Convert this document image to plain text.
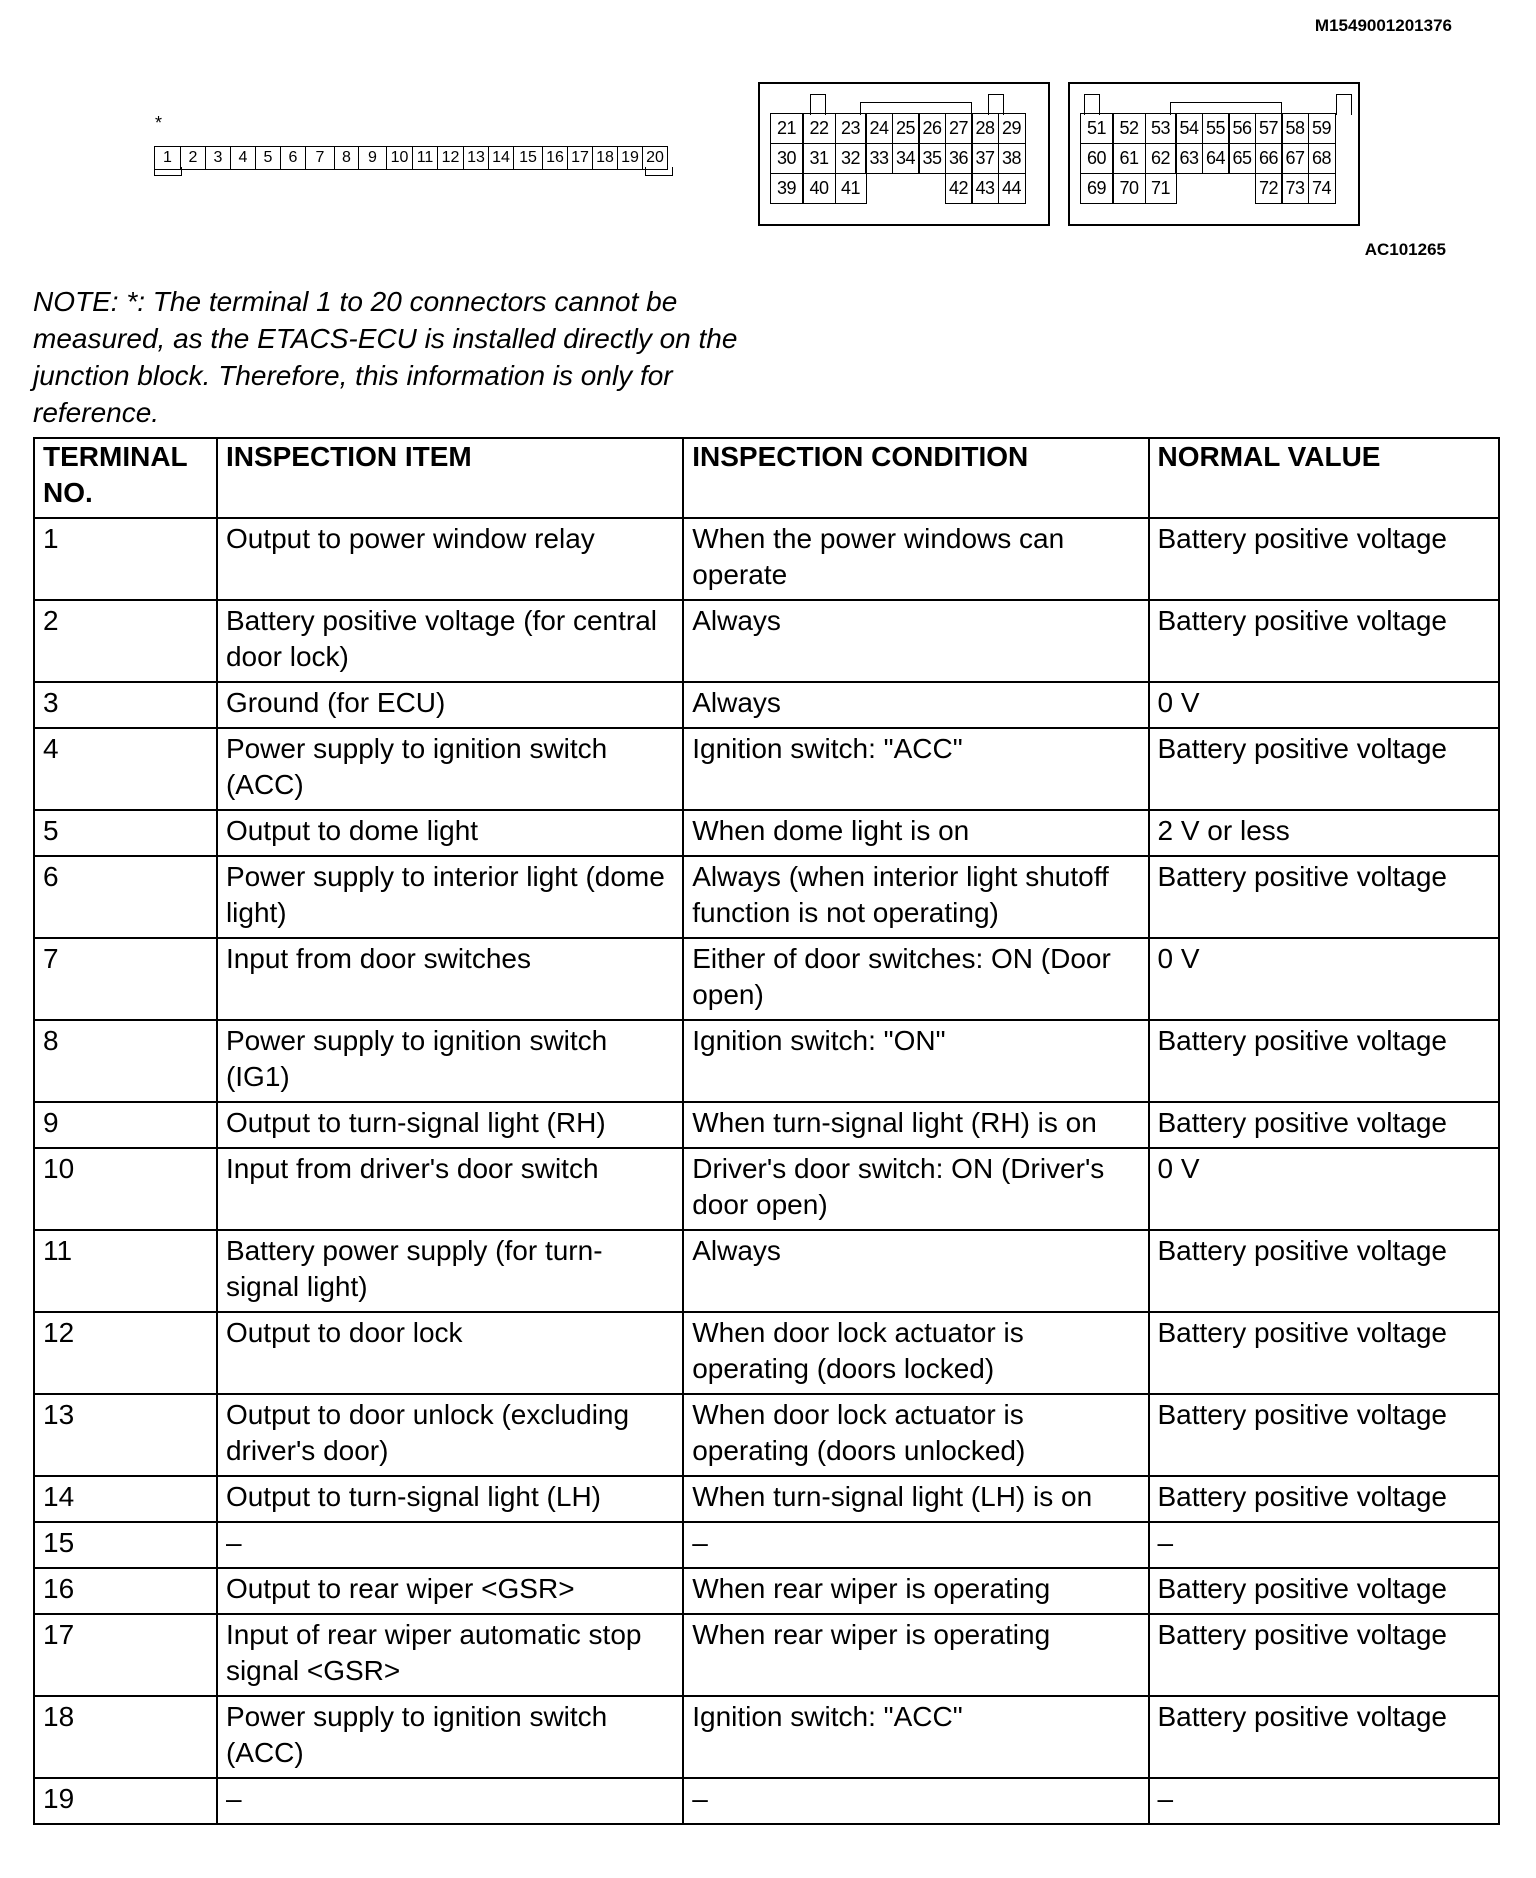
M1549001201376
*
1	2	3	4	5	6	7	8	9 10 11 12 13 14 15 16 17 18 19 20
21 22 23 24 25 26 27 28 29
30 31 32 33 34 35 36 37 38
39 40 41	42 43 44
51 52 53 54 55 56 57 58 59
60 61 62 63 64 65 66 67 68
69 70 71	72 73 74
AC101265
NOTE: *: The terminal 1 to 20 connectors cannot be measured, as the ETACS-ECU is installed directly on the junction block. Therefore, this information is only for reference.
TERMINAL NO.	INSPECTION ITEM	INSPECTION CONDITION	NORMAL VALUE
1	Output to power window relay	When the power windows can operate	Battery positive voltage
2	Battery positive voltage (for central door lock)	Always	Battery positive voltage
3	Ground (for ECU)	Always	0 V
4	Power supply to ignition switch (ACC)	Ignition switch: "ACC"	Battery positive voltage
5	Output to dome light	When dome light is on	2 V or less
6	Power supply to interior light (dome light)	Always (when interior light shutoff function is not operating)	Battery positive voltage
7	Input from door switches	Either of door switches: ON (Door open)	0 V
8	Power supply to ignition switch (IG1)	Ignition switch: "ON"	Battery positive voltage
9	Output to turn-signal light (RH)	When turn-signal light (RH) is on	Battery positive voltage
10	Input from driver's door switch	Driver's door switch: ON (Driver's door open)	0 V
11	Battery power supply (for turn-signal light)	Always	Battery positive voltage
12	Output to door lock	When door lock actuator is operating (doors locked)	Battery positive voltage
13	Output to door unlock (excluding driver's door)	When door lock actuator is operating (doors unlocked)	Battery positive voltage
14	Output to turn-signal light (LH)	When turn-signal light (LH) is on	Battery positive voltage
15	–	–	–
16	Output to rear wiper <GSR>	When rear wiper is operating	Battery positive voltage
17	Input of rear wiper automatic stop signal <GSR>	When rear wiper is operating	Battery positive voltage
18	Power supply to ignition switch (ACC)	Ignition switch: "ACC"	Battery positive voltage
19	–	–	–
